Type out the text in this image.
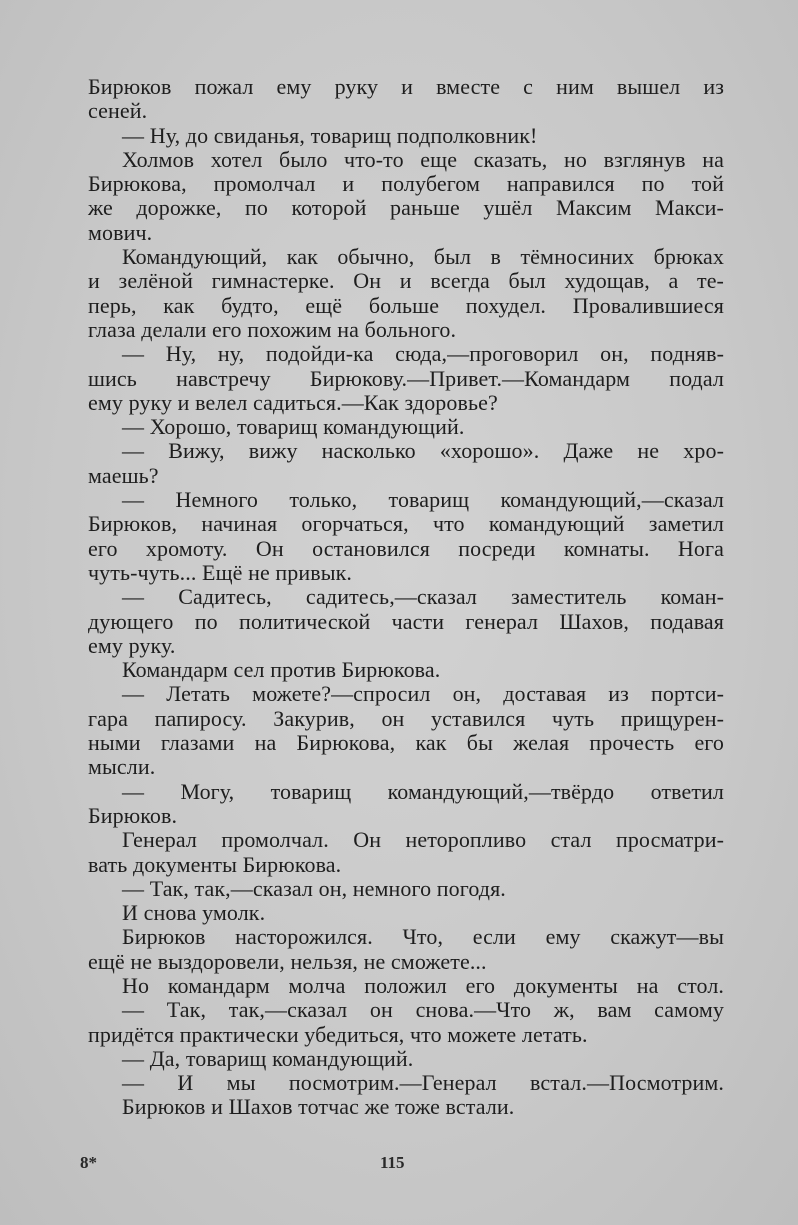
Бирюков пожал ему руку и вместе с ним вышел из
сеней.
— Ну, до свиданья, товарищ подполковник!
Холмов хотел было что-то еще сказать, но взглянув на
Бирюкова, промолчал и полубегом направился по той
же дорожке, по которой раньше ушёл Максим Макси-
мович.
Командующий, как обычно, был в тёмносиних брюках
и зелёной гимнастерке. Он и всегда был худощав, а те-
перь, как будто, ещё больше похудел. Провалившиеся
глаза делали его похожим на больного.
— Ну, ну, подойди-ка сюда,—проговорил он, подняв-
шись навстречу Бирюкову.—Привет.—Командарм подал
ему руку и велел садиться.—Как здоровье?
— Хорошо, товарищ командующий.
— Вижу, вижу насколько «хорошо». Даже не хро-
маешь?
— Немного только, товарищ командующий,—сказал
Бирюков, начиная огорчаться, что командующий заметил
его хромоту. Он остановился посреди комнаты. Нога
чуть-чуть... Ещё не привык.
— Садитесь, садитесь,—сказал заместитель коман-
дующего по политической части генерал Шахов, подавая
ему руку.
Командарм сел против Бирюкова.
— Летать можете?—спросил он, доставая из портси-
гара папиросу. Закурив, он уставился чуть прищурен-
ными глазами на Бирюкова, как бы желая прочесть его
мысли.
— Могу, товарищ командующий,—твёрдо ответил
Бирюков.
Генерал промолчал. Он неторопливо стал просматри-
вать документы Бирюкова.
— Так, так,—сказал он, немного погодя.
И снова умолк.
Бирюков насторожился. Что, если ему скажут—вы
ещё не выздоровели, нельзя, не сможете...
Но командарм молча положил его документы на стол.
— Так, так,—сказал он снова.—Что ж, вам самому
придётся практически убедиться, что можете летать.
— Да, товарищ командующий.
— И мы посмотрим.—Генерал встал.—Посмотрим.
Бирюков и Шахов тотчас же тоже встали.
8*	115
